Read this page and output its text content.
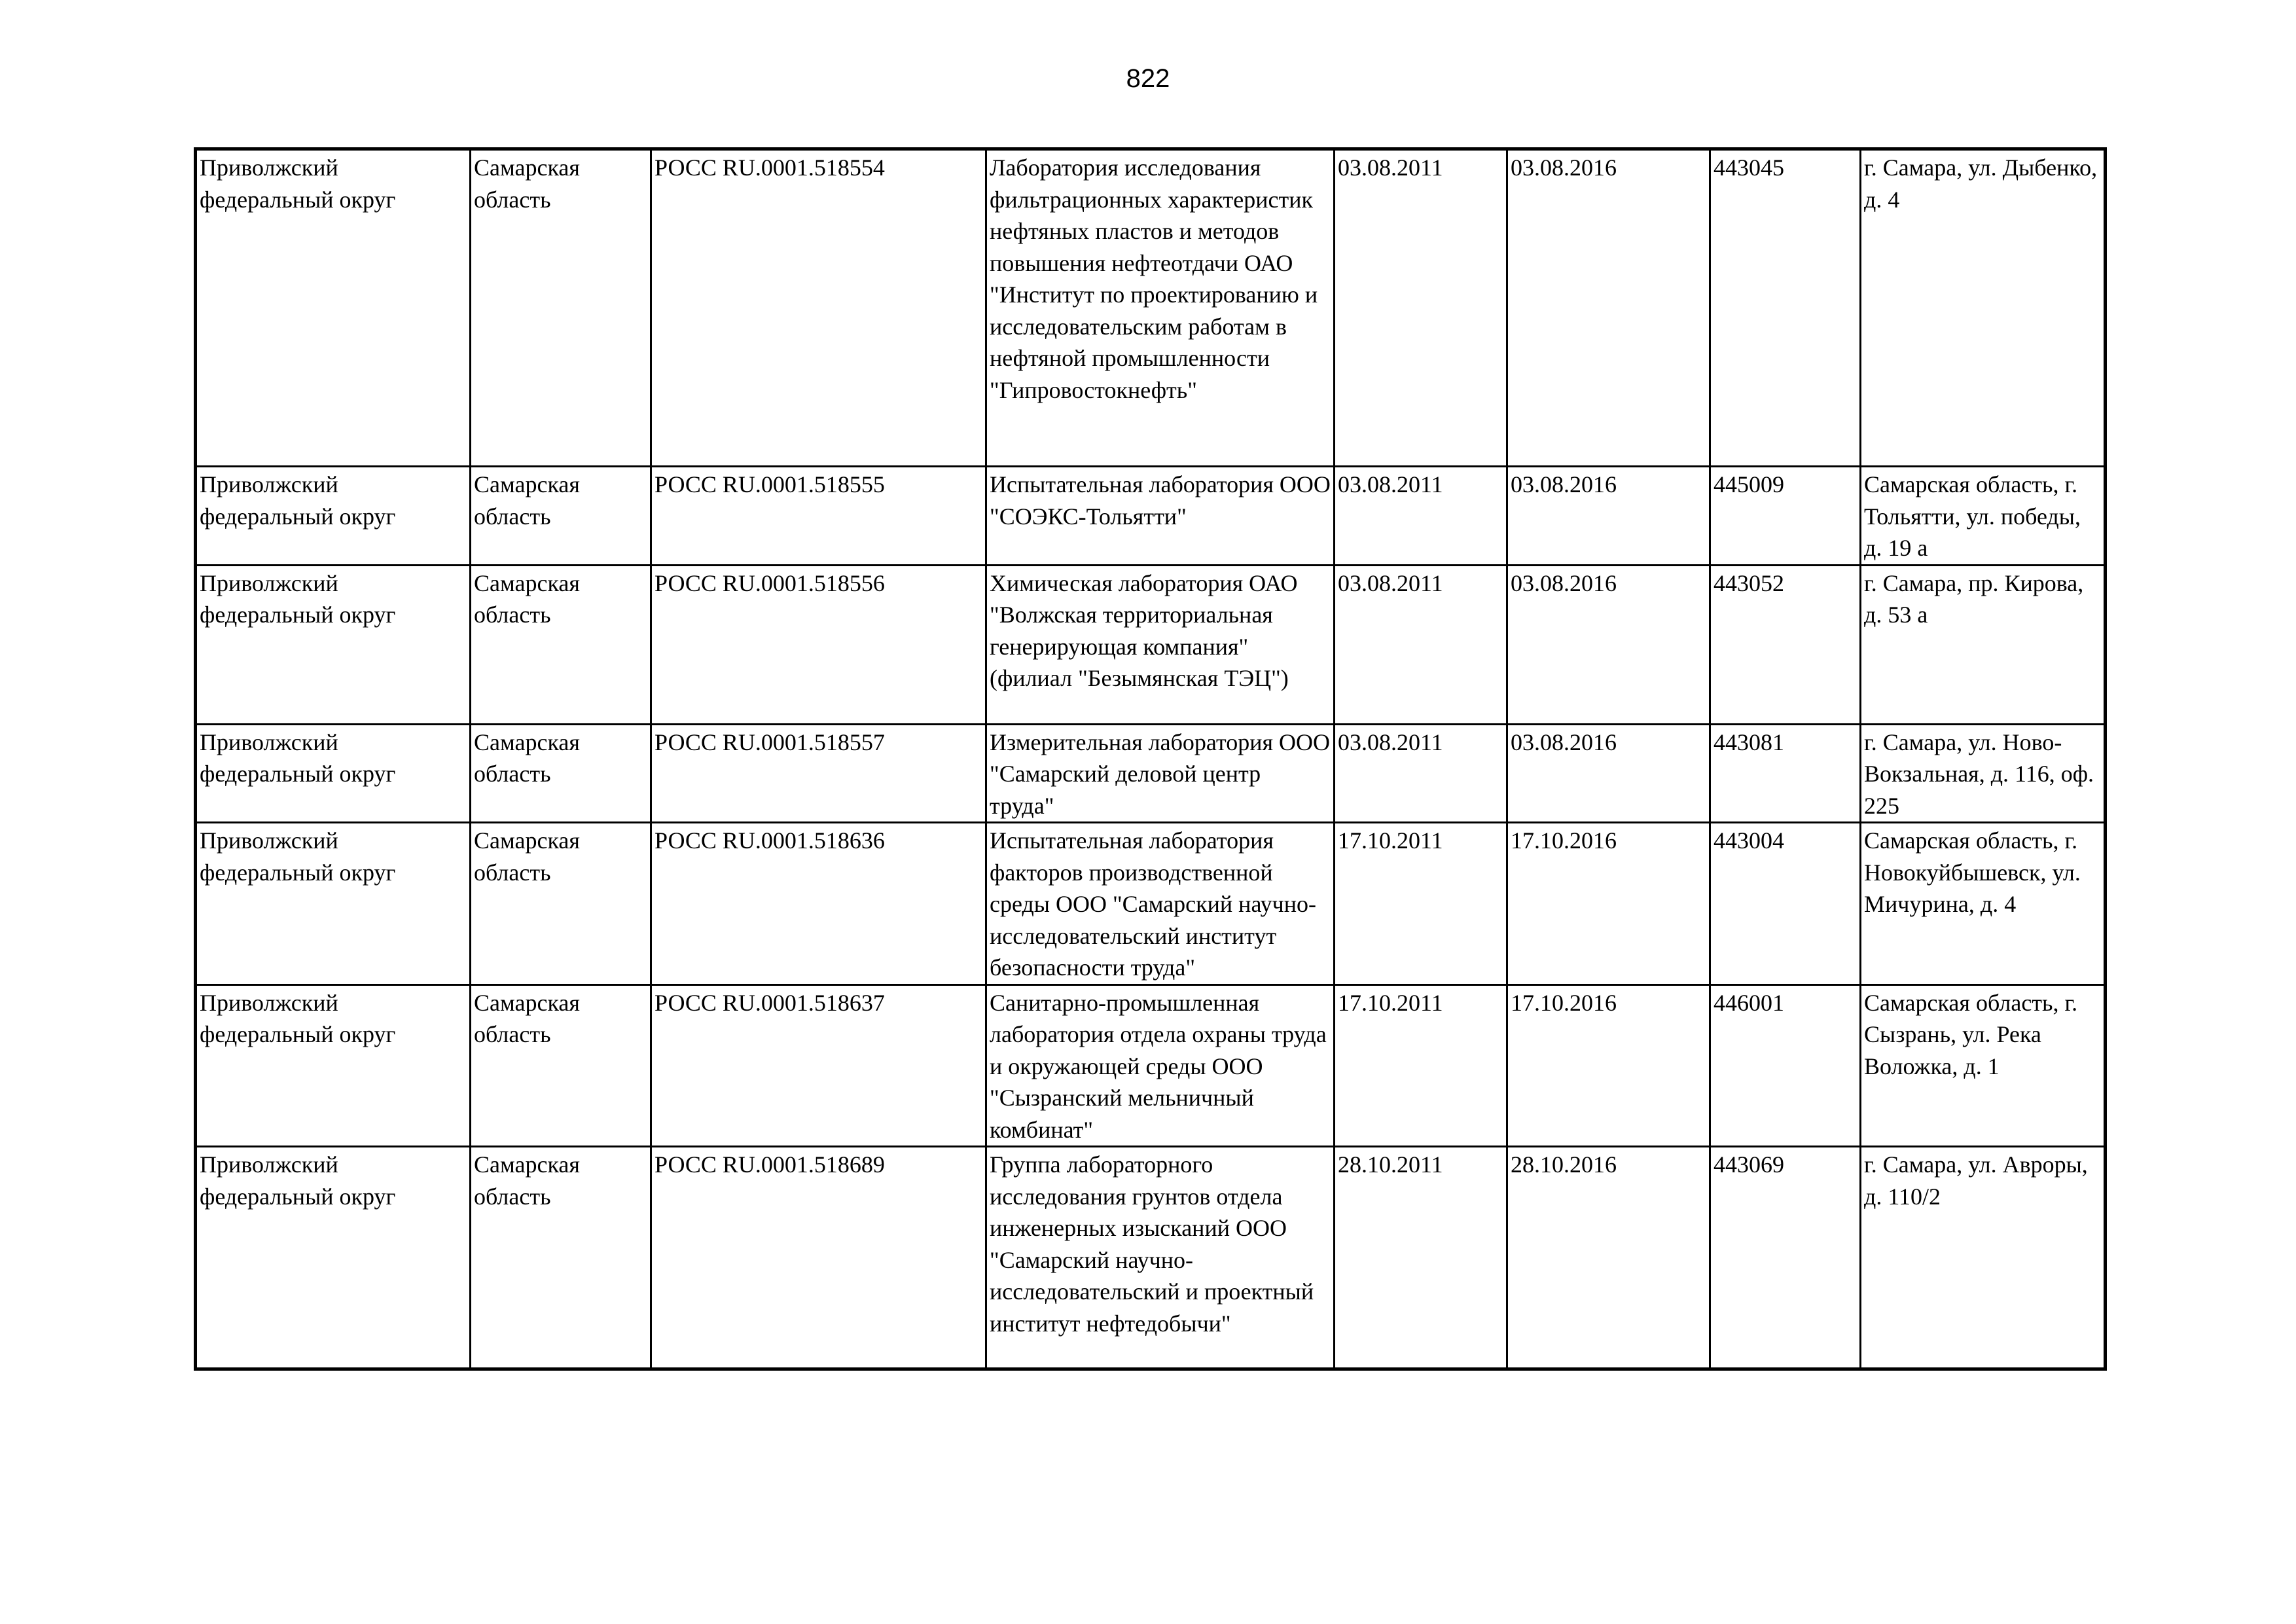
822
Приволжский федеральный округ	Самарская область	РОСС RU.0001.518554	Лаборатория исследования фильтрационных характеристик нефтяных пластов и методов повышения нефтеотдачи ОАО "Институт по проектированию и исследовательским работам в нефтяной промышленности "Гипровостокнефть"	03.08.2011	03.08.2016	443045	г. Самара, ул. Дыбенко, д. 4
Приволжский федеральный округ	Самарская область	РОСС RU.0001.518555	Испытательная лаборатория ООО "СОЭКС-Тольятти"	03.08.2011	03.08.2016	445009	Самарская область, г. Тольятти, ул. победы, д. 19 а
Приволжский федеральный округ	Самарская область	РОСС RU.0001.518556	Химическая лаборатория ОАО "Волжская территориальная генерирующая компания" (филиал "Безымянская ТЭЦ")	03.08.2011	03.08.2016	443052	г. Самара, пр. Кирова, д. 53 а
Приволжский федеральный округ	Самарская область	РОСС RU.0001.518557	Измерительная лаборатория ООО "Самарский деловой центр труда"	03.08.2011	03.08.2016	443081	г. Самара, ул. Ново-Вокзальная, д. 116, оф. 225
Приволжский федеральный округ	Самарская область	РОСС RU.0001.518636	Испытательная лаборатория факторов производственной среды ООО "Самарский научно-исследовательский институт безопасности труда"	17.10.2011	17.10.2016	443004	Самарская область, г. Новокуйбышевск, ул. Мичурина, д. 4
Приволжский федеральный округ	Самарская область	РОСС RU.0001.518637	Санитарно-промышленная лаборатория отдела охраны труда и окружающей среды ООО "Сызранский мельничный комбинат"	17.10.2011	17.10.2016	446001	Самарская область, г. Сызрань, ул. Река Воложка, д. 1
Приволжский федеральный округ	Самарская область	РОСС RU.0001.518689	Группа лабораторного исследования грунтов отдела инженерных изысканий ООО "Самарский научно-исследовательский и проектный институт нефтедобычи"	28.10.2011	28.10.2016	443069	г. Самара, ул. Авроры, д. 110/2
